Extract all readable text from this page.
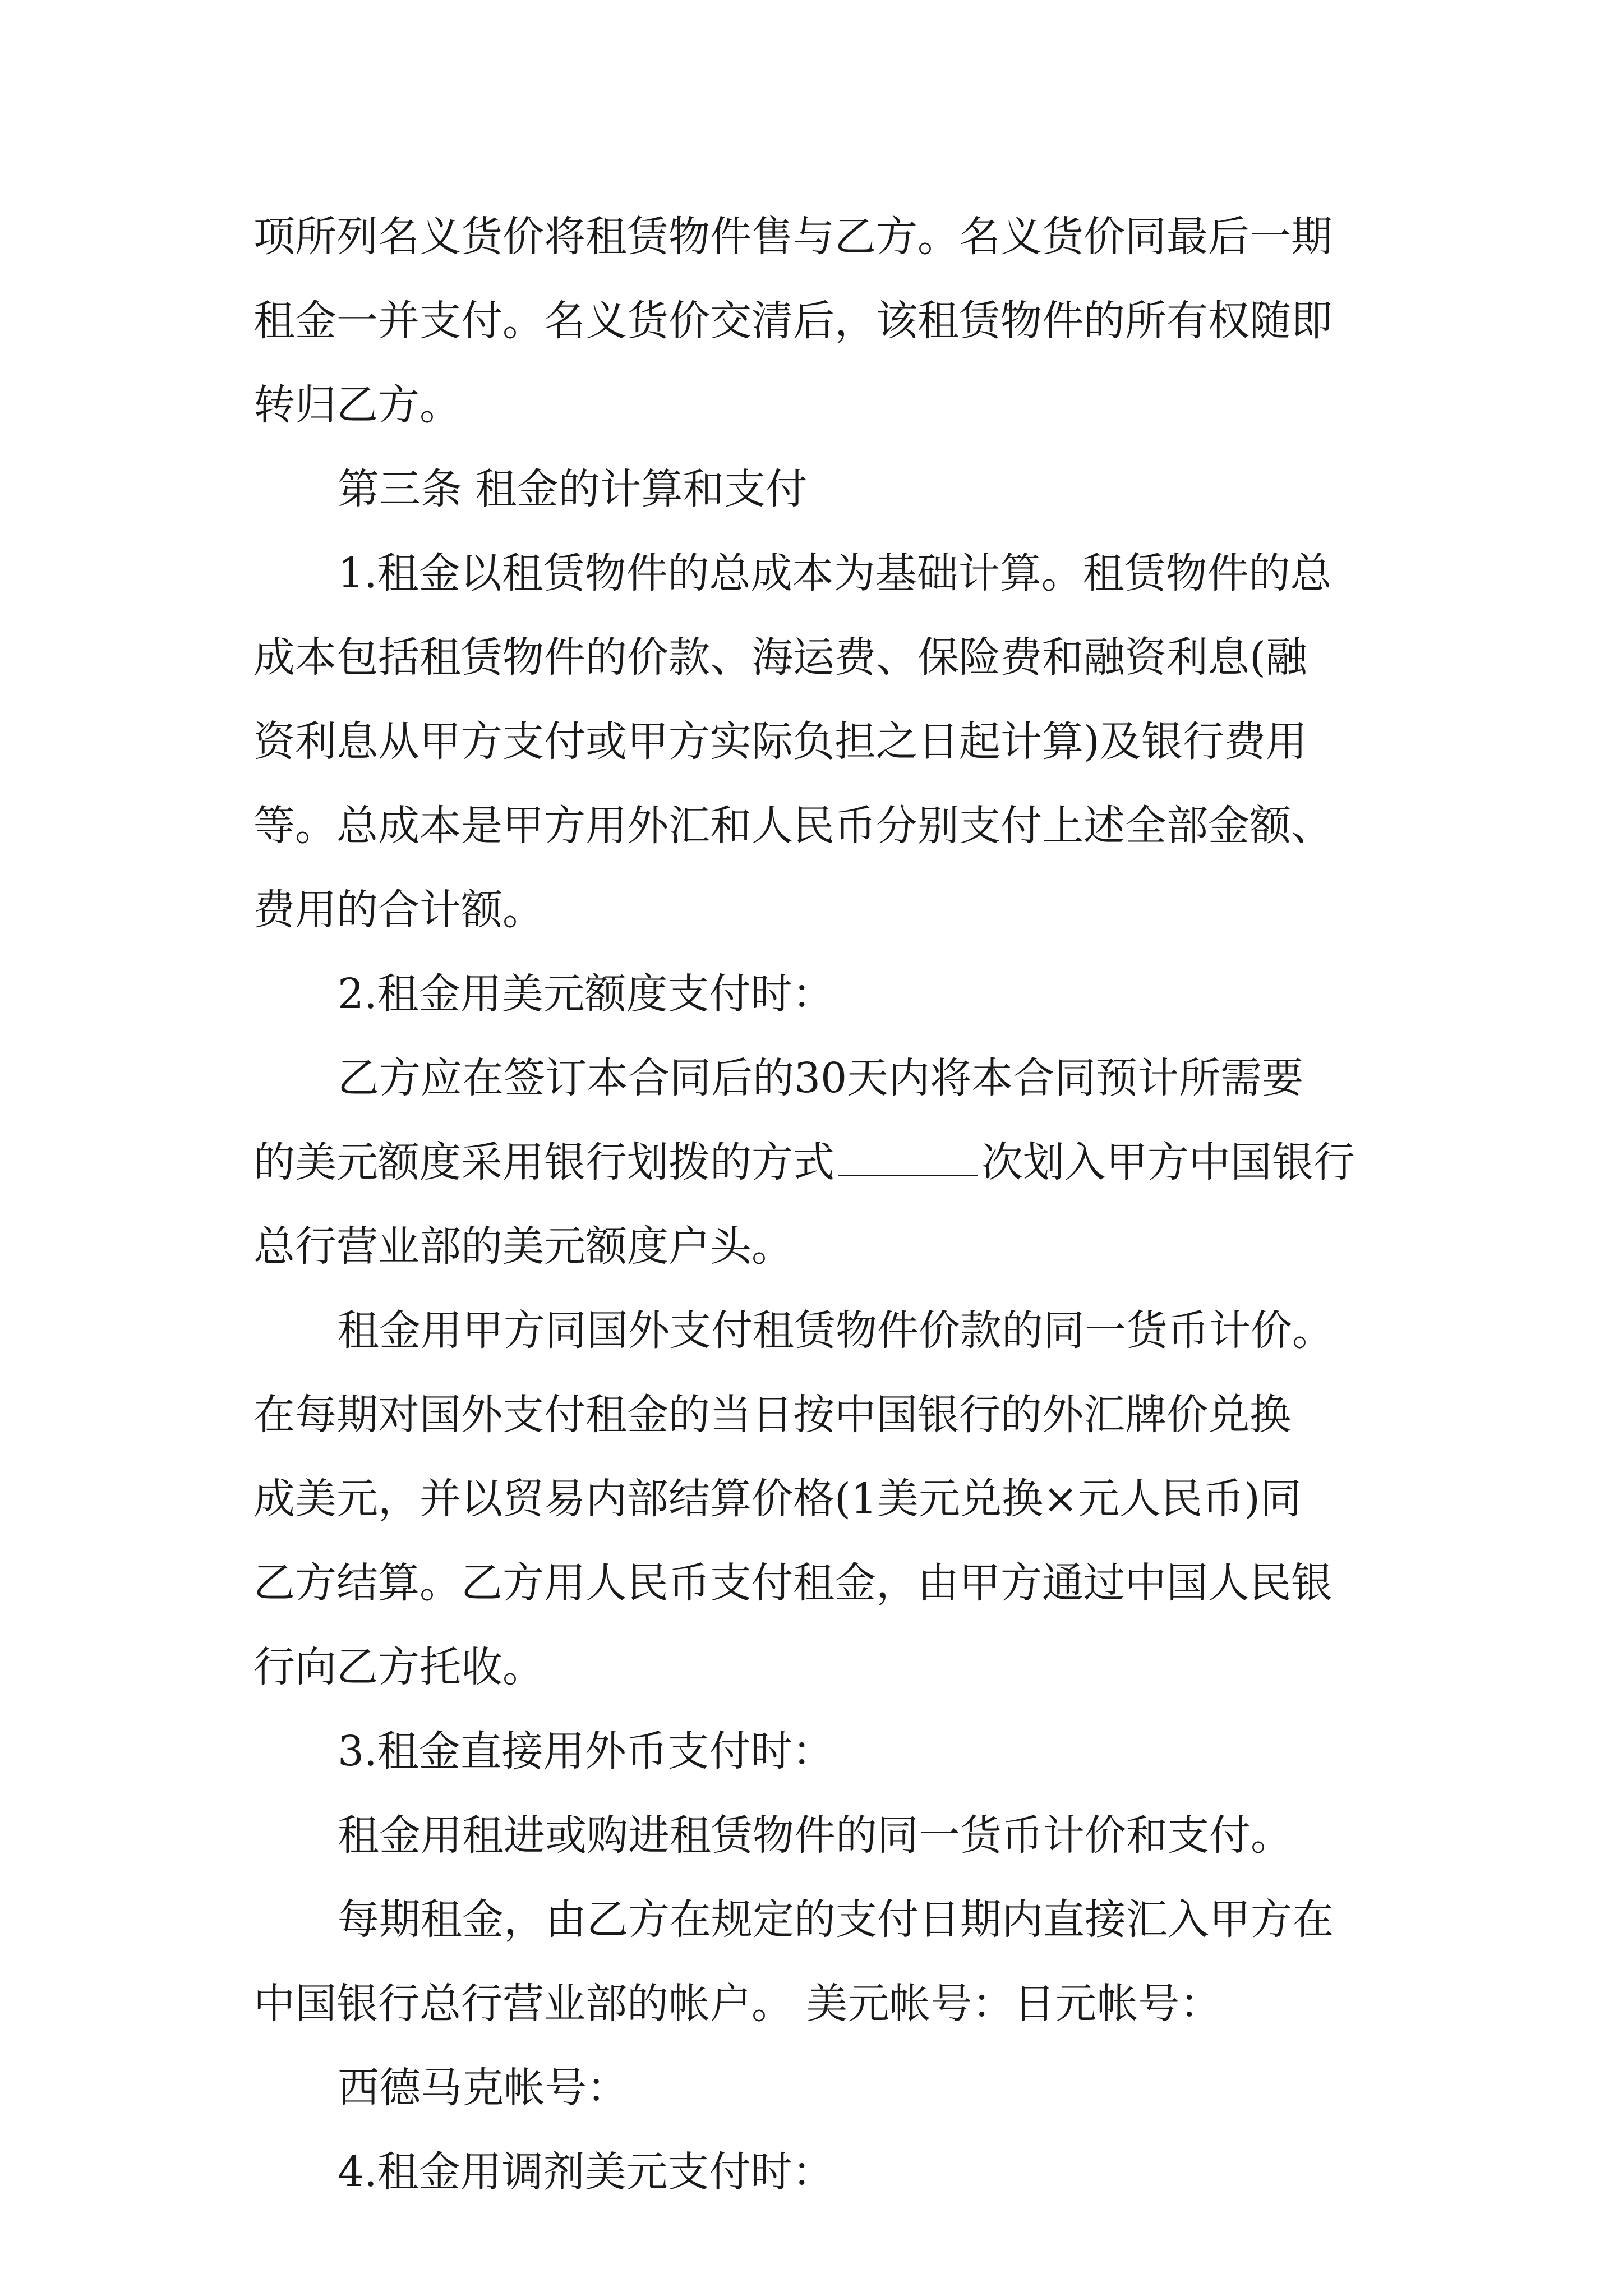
项所列名义货价将租赁物件售与乙方。名义货价同最后一期
租金一并支付。名义货价交清后，该租赁物件的所有权随即
转归乙方。
第三条 租金的计算和支付
1.租金以租赁物件的总成本为基础计算。租赁物件的总
成本包括租赁物件的价款、海运费、保险费和融资利息(融
资利息从甲方支付或甲方实际负担之日起计算)及银行费用
等。总成本是甲方用外汇和人民币分别支付上述全部金额、
费用的合计额。
2.租金用美元额度支付时：
乙方应在签订本合同后的30天内将本合同预计所需要
的美元额度采用银行划拨的方式	次划入甲方中国银行
总行营业部的美元额度户头。
租金用甲方同国外支付租赁物件价款的同一货币计价。
在每期对国外支付租金的当日按中国银行的外汇牌价兑换
成美元，并以贸易内部结算价格(1美元兑换×元人民币)同
乙方结算。乙方用人民币支付租金，由甲方通过中国人民银
行向乙方托收。
3.租金直接用外币支付时：
租金用租进或购进租赁物件的同一货币计价和支付。
每期租金，由乙方在规定的支付日期内直接汇入甲方在
中国银行总行营业部的帐户。 美元帐号：日元帐号：
西德马克帐号：
4.租金用调剂美元支付时：
